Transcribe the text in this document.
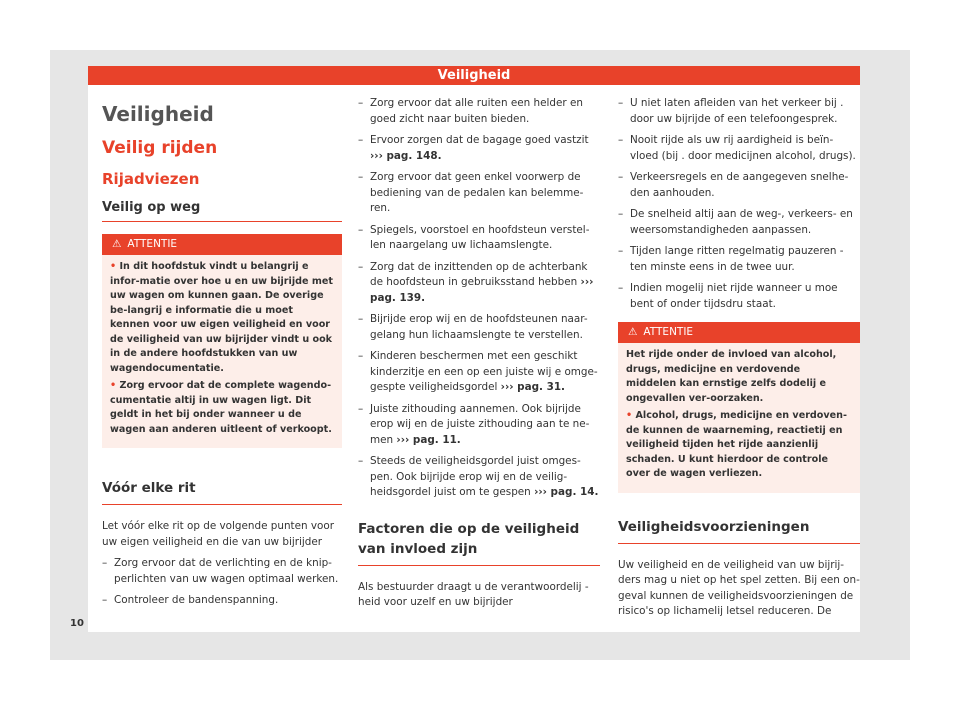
Veiligheid
Veiligheid
Veilig rijden
Rijadviezen
Veilig op weg
⚠ ATTENTIE

• In dit hoofdstuk vindt u belangrij e infor-matie over hoe u en uw bijrijde met uw wagen om kunnen gaan. De overige be-langrij e informatie die u moet kennen voor uw eigen veiligheid en voor de veiligheid van uw bijrijder vindt u ook in de andere hoofdstukken van uw wagendocumentatie.

• Zorg ervoor dat de complete wagendo-cumentatie altij in uw wagen ligt. Dit geldt in het bij onder wanneer u de wagen aan anderen uitleent of verkoopt.

Vóór elke rit

Let vóór elke rit op de volgende punten voor uw eigen veiligheid en die van uw bijrijder

– Zorg ervoor dat de verlichting en de knip-perlichten van uw wagen optimaal werken.
– Controleer de bandenspanning.
– Zorg ervoor dat alle ruiten een helder en goed zicht naar buiten bieden.
– Ervoor zorgen dat de bagage goed vastzit ››› pag. 148.
– Zorg ervoor dat geen enkel voorwerp de bediening van de pedalen kan belemme-ren.
– Spiegels, voorstoel en hoofdsteun verstel-len naargelang uw lichaamslengte.
– Zorg dat de inzittenden op de achterbank de hoofdsteun in gebruiksstand hebben ››› pag. 139.
– Bijrijde erop wij en de hoofdsteunen naar-gelang hun lichaamslengte te verstellen.
– Kinderen beschermen met een geschikt kinderzitje en een op een juiste wij e omge-gespte veiligheidsgordel ››› pag. 31.
– Juiste zithouding aannemen. Ook bijrijde erop wij en de juiste zithouding aan te ne-men ››› pag. 11.
– Steeds de veiligheidsgordel juist omges-pen. Ook bijrijde erop wij en de veilig-heidsgordel juist om te gespen ››› pag. 14.
Factoren die op de veiligheid van invloed zijn

Als bestuurder draagt u de verantwoordelij -heid voor uzelf en uw bijrijder

– U niet laten afleiden van het verkeer bij . door uw bijrijde of een telefoongesprek.
– Nooit rijde als uw rij aardigheid is beïn-vloed (bij . door medicijnen alcohol, drugs).
– Verkeersregels en de aangegeven snelhe-den aanhouden.
– De snelheid altij aan de weg-, verkeers- en weersomstandigheden aanpassen.
– Tijden lange ritten regelmatig pauzeren - ten minste eens in de twee uur.
– Indien mogelij niet rijde wanneer u moe bent of onder tijdsdru staat.
⚠ ATTENTIE

Het rijde onder de invloed van alcohol, drugs, medicijne en verdovende middelen kan ernstige zelfs dodelij e ongevallen ver-oorzaken.

• Alcohol, drugs, medicijne en verdoven-de kunnen de waarneming, reactietij en veiligheid tijden het rijde aanzienlij schaden. U kunt hierdoor de controle over de wagen verliezen.

Veiligheidsvoorzieningen

Uw veiligheid en de veiligheid van uw bijrij-ders mag u niet op het spel zetten. Bij een on-geval kunnen de veiligheidsvoorzieningen de risico's op lichamelij letsel reduceren. De

10
